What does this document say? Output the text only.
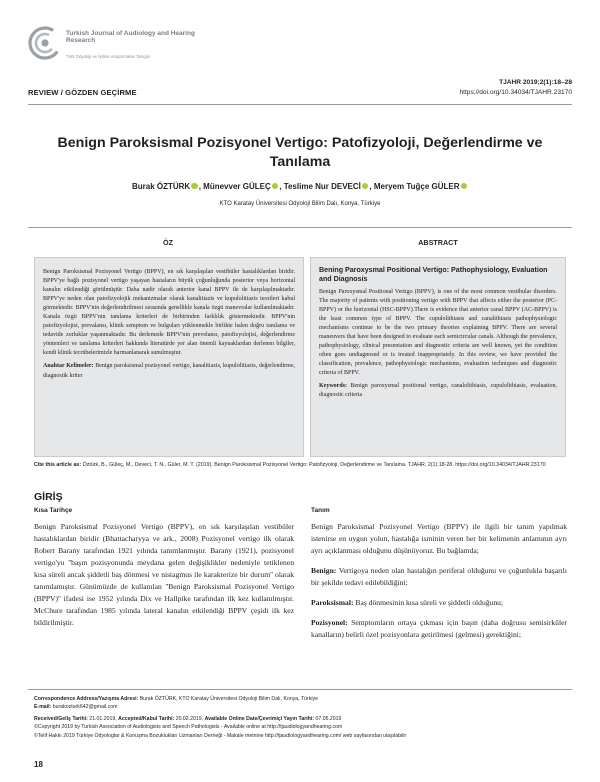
Turkish Journal of Audiology and Hearing Research
Türk Odyoloji ve İşitme Araştırmaları Dergisi
TJAHR 2019;2(1):18–28
https://doi.org/10.34034/TJAHR.23170
REVIEW / GÖZDEN GEÇİRME
Benign Paroksismal Pozisyonel Vertigo: Patofizyoloji, Değerlendirme ve Tanılama
Burak ÖZTÜRK , Münevver GÜLEÇ , Teslime Nur DEVECİ , Meryem Tuğçe GÜLER
KTO Karatay Üniversitesi Odyoloji Bilim Dalı, Konya, Türkiye
ÖZ	ABSTRACT
Benign Paroksismal Pozisyonel Vertigo (BPPV), en sık karşılaşılan vestibüler hastalıklardan biridir. BPPV'ye bağlı pozisyonel vertigo yaşayan hastaların büyük çoğunluğunda posterior veya horizontal kanalın etkilendiği görülmüştür. Daha nadir olarak anterior kanal BPPV ile de karşılaşılmaktadır. BPPV'ye neden olan patofizyolojik mekanizmalar olarak kanalitiazis ve kupulolitiazis teorileri kabul görmektedir. BPPV'nin değerlendirilmesi sırasında genellikle kanala özgü manevralar kullanılmaktadır. Kanala özgü BPPV'nin tanılama kriterleri de birbirinden farklılık göstermektedir. BPPV'nin patofizyolojisi, prevalansı, klinik semptom ve bulguları yüklenmekle birlikte halen doğru tanılama ve tedavide zorluklar yaşanmaktadır. Bu derlemede BPPV'nin prevelansı, patofizyolojisi, değerlendirme yöntemleri ve tanılama kriterleri hakkında literatürde yer alan önemli kaynaklardan derlenen bilgiler, kendi klinik tecrübelerimizle harmanlanarak sunulmuştur.
Anahtar Kelimeler: Benign paroksismal pozisyonel vertigo, kanalitiazis, kupulolitiazis, değerlendirme, diagnostik kriter
Bening Paroxysmal Positional Vertigo: Pathophysiology, Evaluation and Diagnosis
Benign Paroxysmal Positional Vertigo (BPPV), is one of the most common vestibular disorders. The majority of patients with positioning vertigo with BPPV that affects either the posterior (PC-BPPV) or the horizontal (HSC-BPPV).There is evidence that anterior canal BPPV (AC-BPPV) is the least common type of BPPV. The cupulolithiasis and canalithiasis pathophysiologic mechanisms continue to be the two primary theories explaining BPPV. There are several maneuvers that have been designed to evaluate each semicircular canals. Although the prevalence, pathophysiology, clinical presentation and diagnostic criteria are well known, yet the condition often goes undiagnosed or is treated inappropriately. In this review, we have provided the classification, prevalence, pathophysiologic mechanisms, evaluation techniques and diagnostic criteria of BPPV.
Keywords: Benign paroxysmal positional vertigo, canalolithiasis, cupulolithiasis, evaluation, diagnostic criteria
Cite this article as: Öztürk, B., Güleç, M., Deveci, T. N., Güler, M. T. (2019). Benign Paroksismal Pozisyonel Vertigo: Patofizyoloji, Değerlendirme ve Tanılama. TJAHR, 2(1):18-28. https://doi.org/10.34034/TJAHR.23170
GİRİŞ
Kısa Tarihçe	Tanım
Benign Paroksismal Pozisyonel Vertigo (BPPV), en sık karşılaşılan vestibüler hastalıklardan biridir (Bhattacharyya ve ark., 2008) Pozisyonel vertigo ilk olarak Robert Barany tarafından 1921 yılında tanımlanmıştır. Barany (1921), pozisyonel vertigo'yu ''başın pozisyonunda meydana gelen değişiklikler nedeniyle tetiklenen kısa süreli ancak şiddetli baş dönmesi ve nistagmus ile karakterize bir durum'' olarak tanımlamıştır. Günümüzde de kullanılan ''Benign Paroksismal Pozisyonel Vertigo (BPPV)'' ifadesi ise 1952 yılında Dix ve Hallpike tarafından ilk kez kullanılmıştır. McChure tarafından 1985 yılında lateral kanalın etkilendiği BPPV çeşidi ilk kez bildirilmiştir.

Benign Paroksismal Pozisyonel Vertigo (BPPV) ile ilgili bir tanım yapılmak istenirse en uygun yolun, hastalığa isminin veren her bir kelimenin anlamının ayrı ayrı açıklanması olduğunu düşünüyoruz. Bu bağlamda;

Benign: Vertigoya neden olan hastalığın periferal olduğunu ve çoğunlukla başarılı bir şekilde tedavi edilebildiğini;

Paroksismal: Baş dönmesinin kısa süreli ve şiddetli olduğunu;

Pozisyonel: Semptomların ortaya çıkması için başın (daha doğrusu semisirküler kanalların) belirli özel pozisyonlara getirilmesi (gelmesi) gerektiğini;

Correspondence Address/Yazışma Adresi: Burak ÖZTÜRK, KTO Karatay Üniversitesi Odyoloji Bilim Dalı, Konya, Türkiye
E-mail: burakozturk642@gmail.com
Received/Geliş Tarihi: 21.01.2019, Accepted/Kabul Tarihi: 20.02.2019, Available Online Date/Çevrimiçi Yayın Tarihi: 07.05.2019
©Copyright 2019 by Turkish Association of Audiologists and Speech Pathologists - Available online at http://tjaudiologyandhearing.com
©Telif Hakkı 2019 Türkiye Odyologlar & Konuşma Bozuklukları Uzmanları Derneği - Makale metnine http://tjaudiologyandhearing.com/ web sayfasından ulaşılabilir
18
